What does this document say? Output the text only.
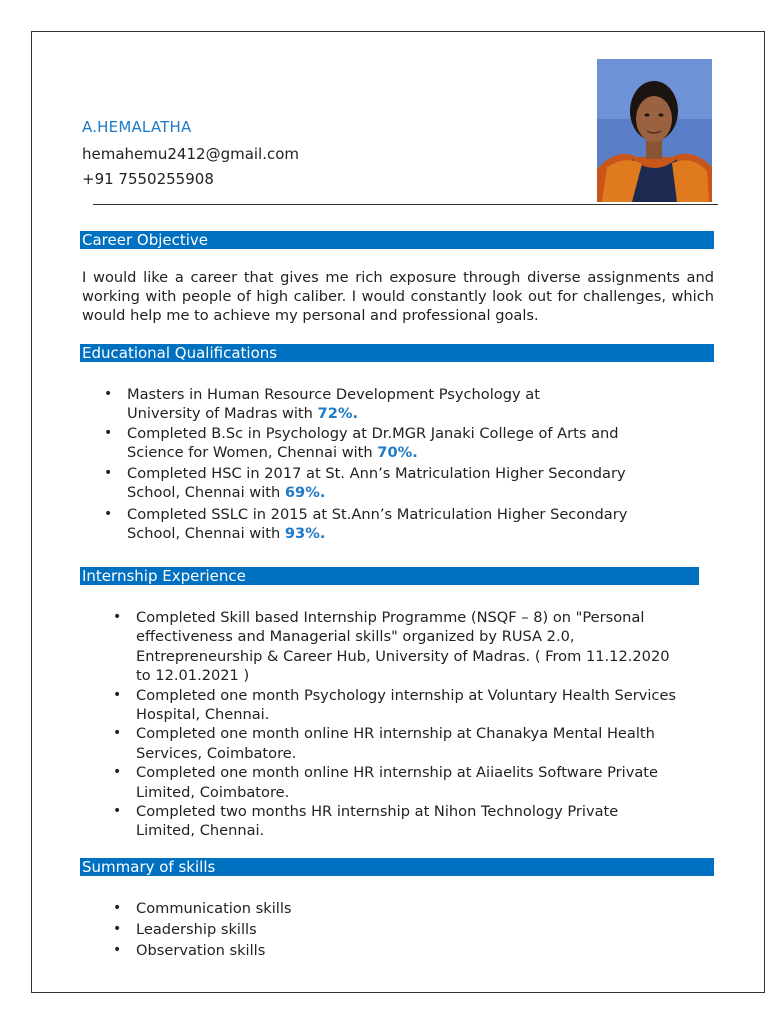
A.HEMALATHA
hemahemu2412@gmail.com
+91 7550255908
Career Objective

I would like a career that gives me rich exposure through diverse assignments and working with people of high caliber. I would constantly look out for challenges, which would help me to achieve my personal and professional goals.

Educational Qualifications
•	Masters in Human Resource Development Psychology at
University of Madras with 72%.
•	Completed B.Sc in Psychology at Dr.MGR Janaki College of Arts and
Science for Women, Chennai with 70%.
•	Completed HSC in 2017 at St. Ann’s Matriculation Higher Secondary
School, Chennai with 69%.
•	Completed SSLC in 2015 at St.Ann’s Matriculation Higher Secondary
School, Chennai with 93%.
Internship Experience
•	Completed Skill based Internship Programme (NSQF – 8) on "Personal
effectiveness and Managerial skills" organized by RUSA 2.0,
Entrepreneurship & Career Hub, University of Madras. ( From 11.12.2020
to 12.01.2021 )
•	Completed one month Psychology internship at Voluntary Health Services
Hospital, Chennai.
•	Completed one month online HR internship at Chanakya Mental Health
Services, Coimbatore.
•	Completed one month online HR internship at Aiiaelits Software Private
Limited, Coimbatore.
•	Completed two months HR internship at Nihon Technology Private
Limited, Chennai.
Summary of skills
•	Communication skills
•	Leadership skills
•	Observation skills
